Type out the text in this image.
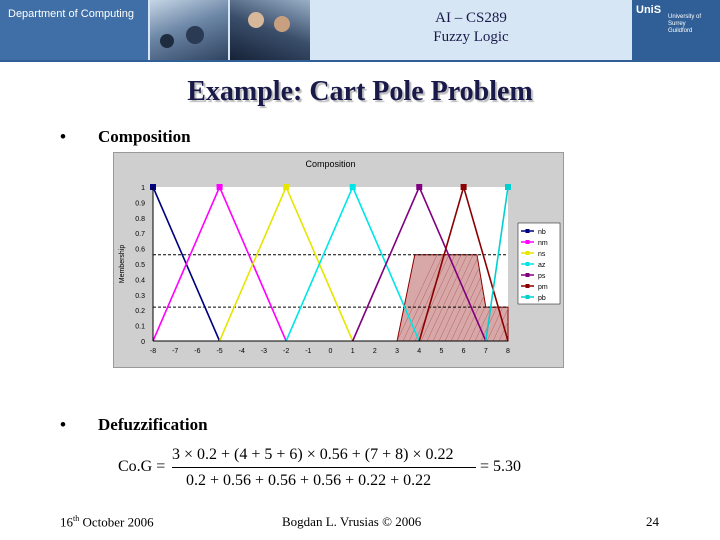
Department of Computing	AI – CS289
Fuzzy Logic
UniS
University of Surrey
Guildford
Example: Cart Pole Problem
• Composition
0
0.1
0.2
0.3
0.4
0.5
0.6
0.7
0.8
0.9
1
-8 -7 -6 -5 -4 -3 -2 -1 0	1	2	3	4	5	6	7	8
Composition
Membership
nb
nm
ns
az
ps
pm
pb
• Defuzzification
Co.G =
3 × 0.2 + (4 + 5 + 6) × 0.56 + (7 + 8) × 0.22
0.2 + 0.56 + 0.56 + 0.56 + 0.22 + 0.22
= 5.30
16th October 2006	Bogdan L. Vrusias © 2006	24
